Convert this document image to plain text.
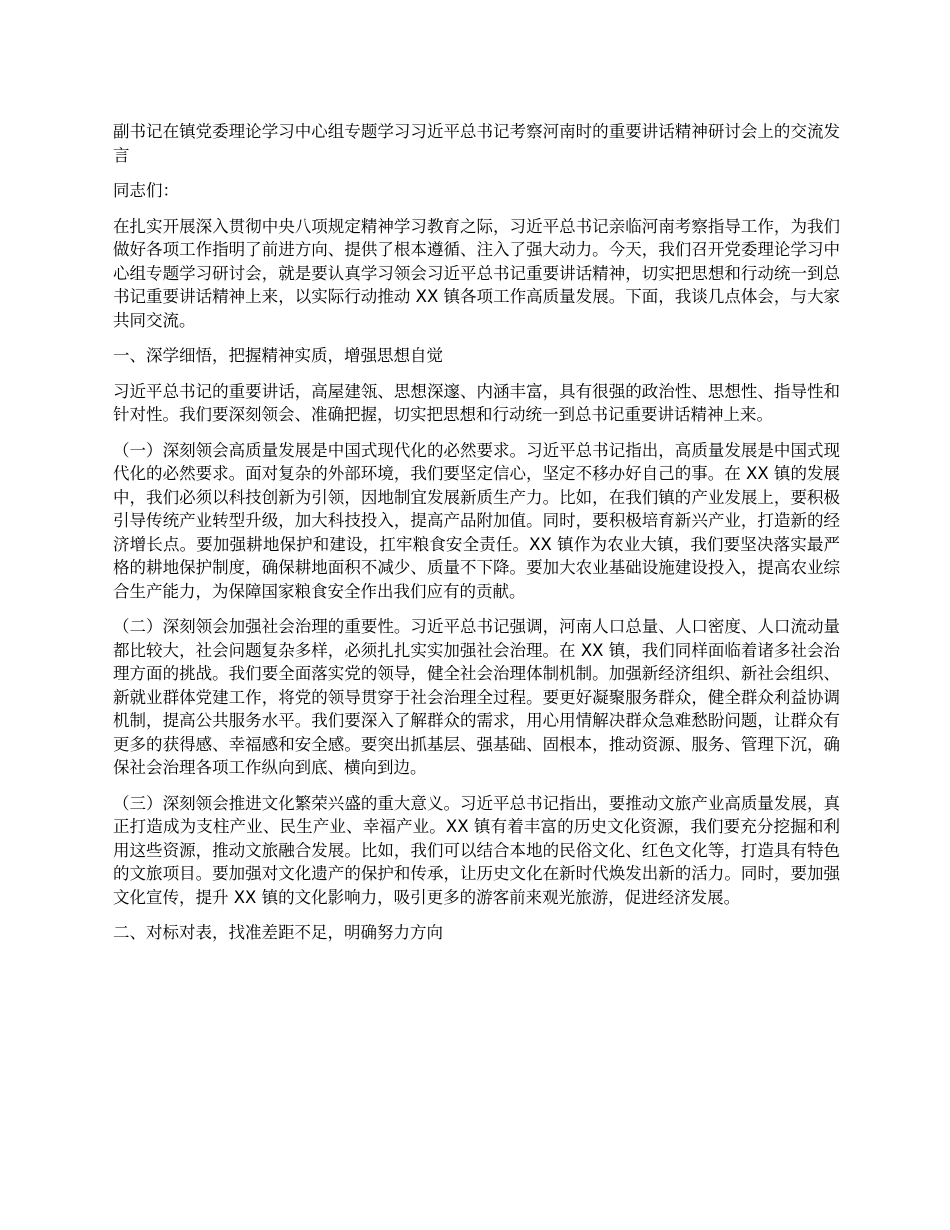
副书记在镇党委理论学习中心组专题学习习近平总书记考察河南时的重要讲话精神研讨会上的交流发言

同志们：

在扎实开展深入贯彻中央八项规定精神学习教育之际，习近平总书记亲临河南考察指导工作，为我们做好各项工作指明了前进方向、提供了根本遵循、注入了强大动力。今天，我们召开党委理论学习中心组专题学习研讨会，就是要认真学习领会习近平总书记重要讲话精神，切实把思想和行动统一到总书记重要讲话精神上来，以实际行动推动 XX 镇各项工作高质量发展。下面，我谈几点体会，与大家共同交流。

一、深学细悟，把握精神实质，增强思想自觉

习近平总书记的重要讲话，高屋建瓴、思想深邃、内涵丰富，具有很强的政治性、思想性、指导性和针对性。我们要深刻领会、准确把握，切实把思想和行动统一到总书记重要讲话精神上来。

（一）深刻领会高质量发展是中国式现代化的必然要求。习近平总书记指出，高质量发展是中国式现代化的必然要求。面对复杂的外部环境，我们要坚定信心，坚定不移办好自己的事。在 XX 镇的发展中，我们必须以科技创新为引领，因地制宜发展新质生产力。比如，在我们镇的产业发展上，要积极引导传统产业转型升级，加大科技投入，提高产品附加值。同时，要积极培育新兴产业，打造新的经济增长点。要加强耕地保护和建设，扛牢粮食安全责任。XX 镇作为农业大镇，我们要坚决落实最严格的耕地保护制度，确保耕地面积不减少、质量不下降。要加大农业基础设施建设投入，提高农业综合生产能力，为保障国家粮食安全作出我们应有的贡献。

（二）深刻领会加强社会治理的重要性。习近平总书记强调，河南人口总量、人口密度、人口流动量都比较大，社会问题复杂多样，必须扎扎实实加强社会治理。在 XX 镇，我们同样面临着诸多社会治理方面的挑战。我们要全面落实党的领导，健全社会治理体制机制。加强新经济组织、新社会组织、新就业群体党建工作，将党的领导贯穿于社会治理全过程。要更好凝聚服务群众，健全群众利益协调机制，提高公共服务水平。我们要深入了解群众的需求，用心用情解决群众急难愁盼问题，让群众有更多的获得感、幸福感和安全感。要突出抓基层、强基础、固根本，推动资源、服务、管理下沉，确保社会治理各项工作纵向到底、横向到边。

（三）深刻领会推进文化繁荣兴盛的重大意义。习近平总书记指出，要推动文旅产业高质量发展，真正打造成为支柱产业、民生产业、幸福产业。XX 镇有着丰富的历史文化资源，我们要充分挖掘和利用这些资源，推动文旅融合发展。比如，我们可以结合本地的民俗文化、红色文化等，打造具有特色的文旅项目。要加强对文化遗产的保护和传承，让历史文化在新时代焕发出新的活力。同时，要加强文化宣传，提升 XX 镇的文化影响力，吸引更多的游客前来观光旅游，促进经济发展。

二、对标对表，找准差距不足，明确努力方向
